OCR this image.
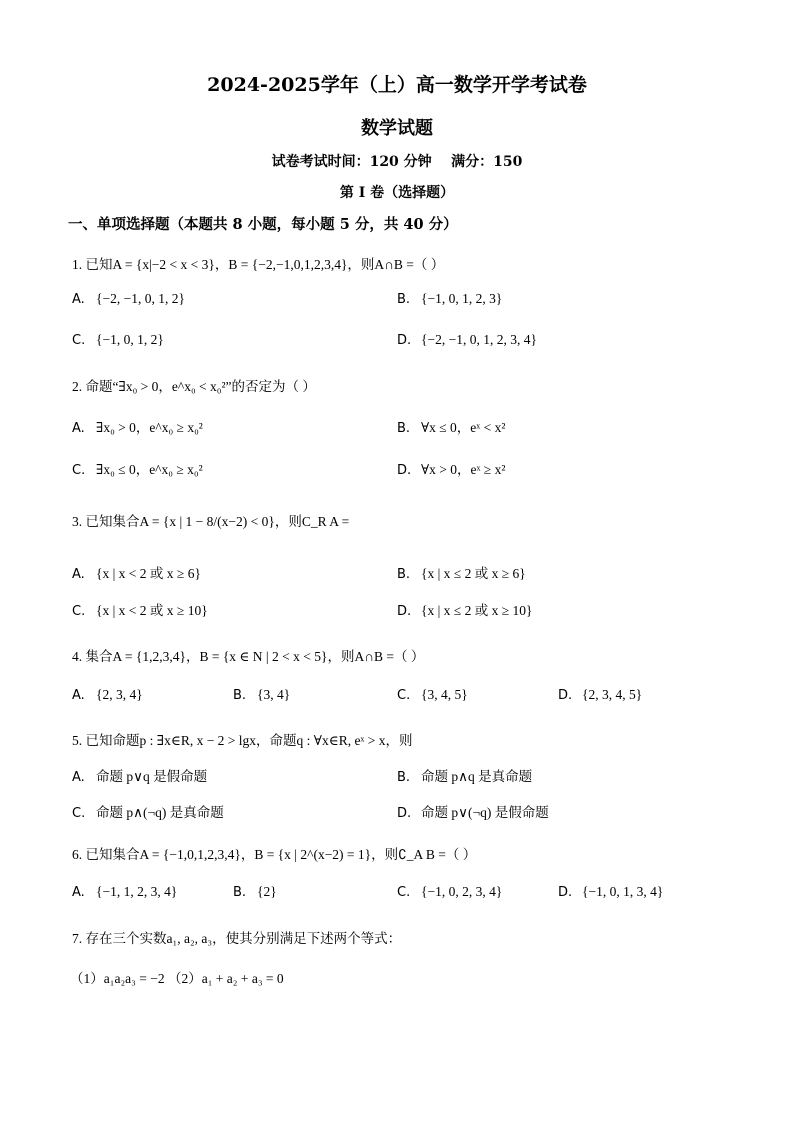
2024-2025学年（上）高一数学开学考试卷
数学试题
试卷考试时间：120 分钟    满分：150
第 I 卷（选择题）
一、单项选择题（本题共 8 小题，每小题 5 分，共 40 分）
1. 已知A = {x|−2 < x < 3}，B = {−2,−1,0,1,2,3,4}，则A∩B =（ ）
A. {−2, −1, 0, 1, 2}	B. {−1, 0, 1, 2, 3}
C. {−1, 0, 1, 2}	D. {−2, −1, 0, 1, 2, 3, 4}
2. 命题“∃x₀ > 0，e^x₀ < x₀²”的否定为（ ）
A. ∃x₀ > 0，e^x₀ ≥ x₀²	B. ∀x ≤ 0，eˣ < x²
C. ∃x₀ ≤ 0，e^x₀ ≥ x₀²	D. ∀x > 0，eˣ ≥ x²
3. 已知集合A = {x | 1 − 8/(x−2) < 0}，则C_R A =
A. {x | x < 2 或 x ≥ 6}	B. {x | x ≤ 2 或 x ≥ 6}
C. {x | x < 2 或 x ≥ 10}	D. {x | x ≤ 2 或 x ≥ 10}
4. 集合A = {1,2,3,4}，B = {x ∈ N | 2 < x < 5}，则A∩B =（ ）
A. {2, 3, 4}	B. {3, 4}	C. {3, 4, 5}	D. {2, 3, 4, 5}
5. 已知命题p : ∃x∈R, x − 2 > lgx，命题q : ∀x∈R, eˣ > x，则
A. 命题 p∨q 是假命题	B. 命题 p∧q 是真命题
C. 命题 p∧(¬q) 是真命题	D. 命题 p∨(¬q) 是假命题
6. 已知集合A = {−1,0,1,2,3,4}，B = {x | 2^(x−2) = 1}，则∁_A B =（ ）
A. {−1, 1, 2, 3, 4}	B. {2}	C. {−1, 0, 2, 3, 4}	D. {−1, 0, 1, 3, 4}
7. 存在三个实数a₁, a₂, a₃，使其分别满足下述两个等式：
（1）a₁a₂a₃ = −2 （2）a₁ + a₂ + a₃ = 0
